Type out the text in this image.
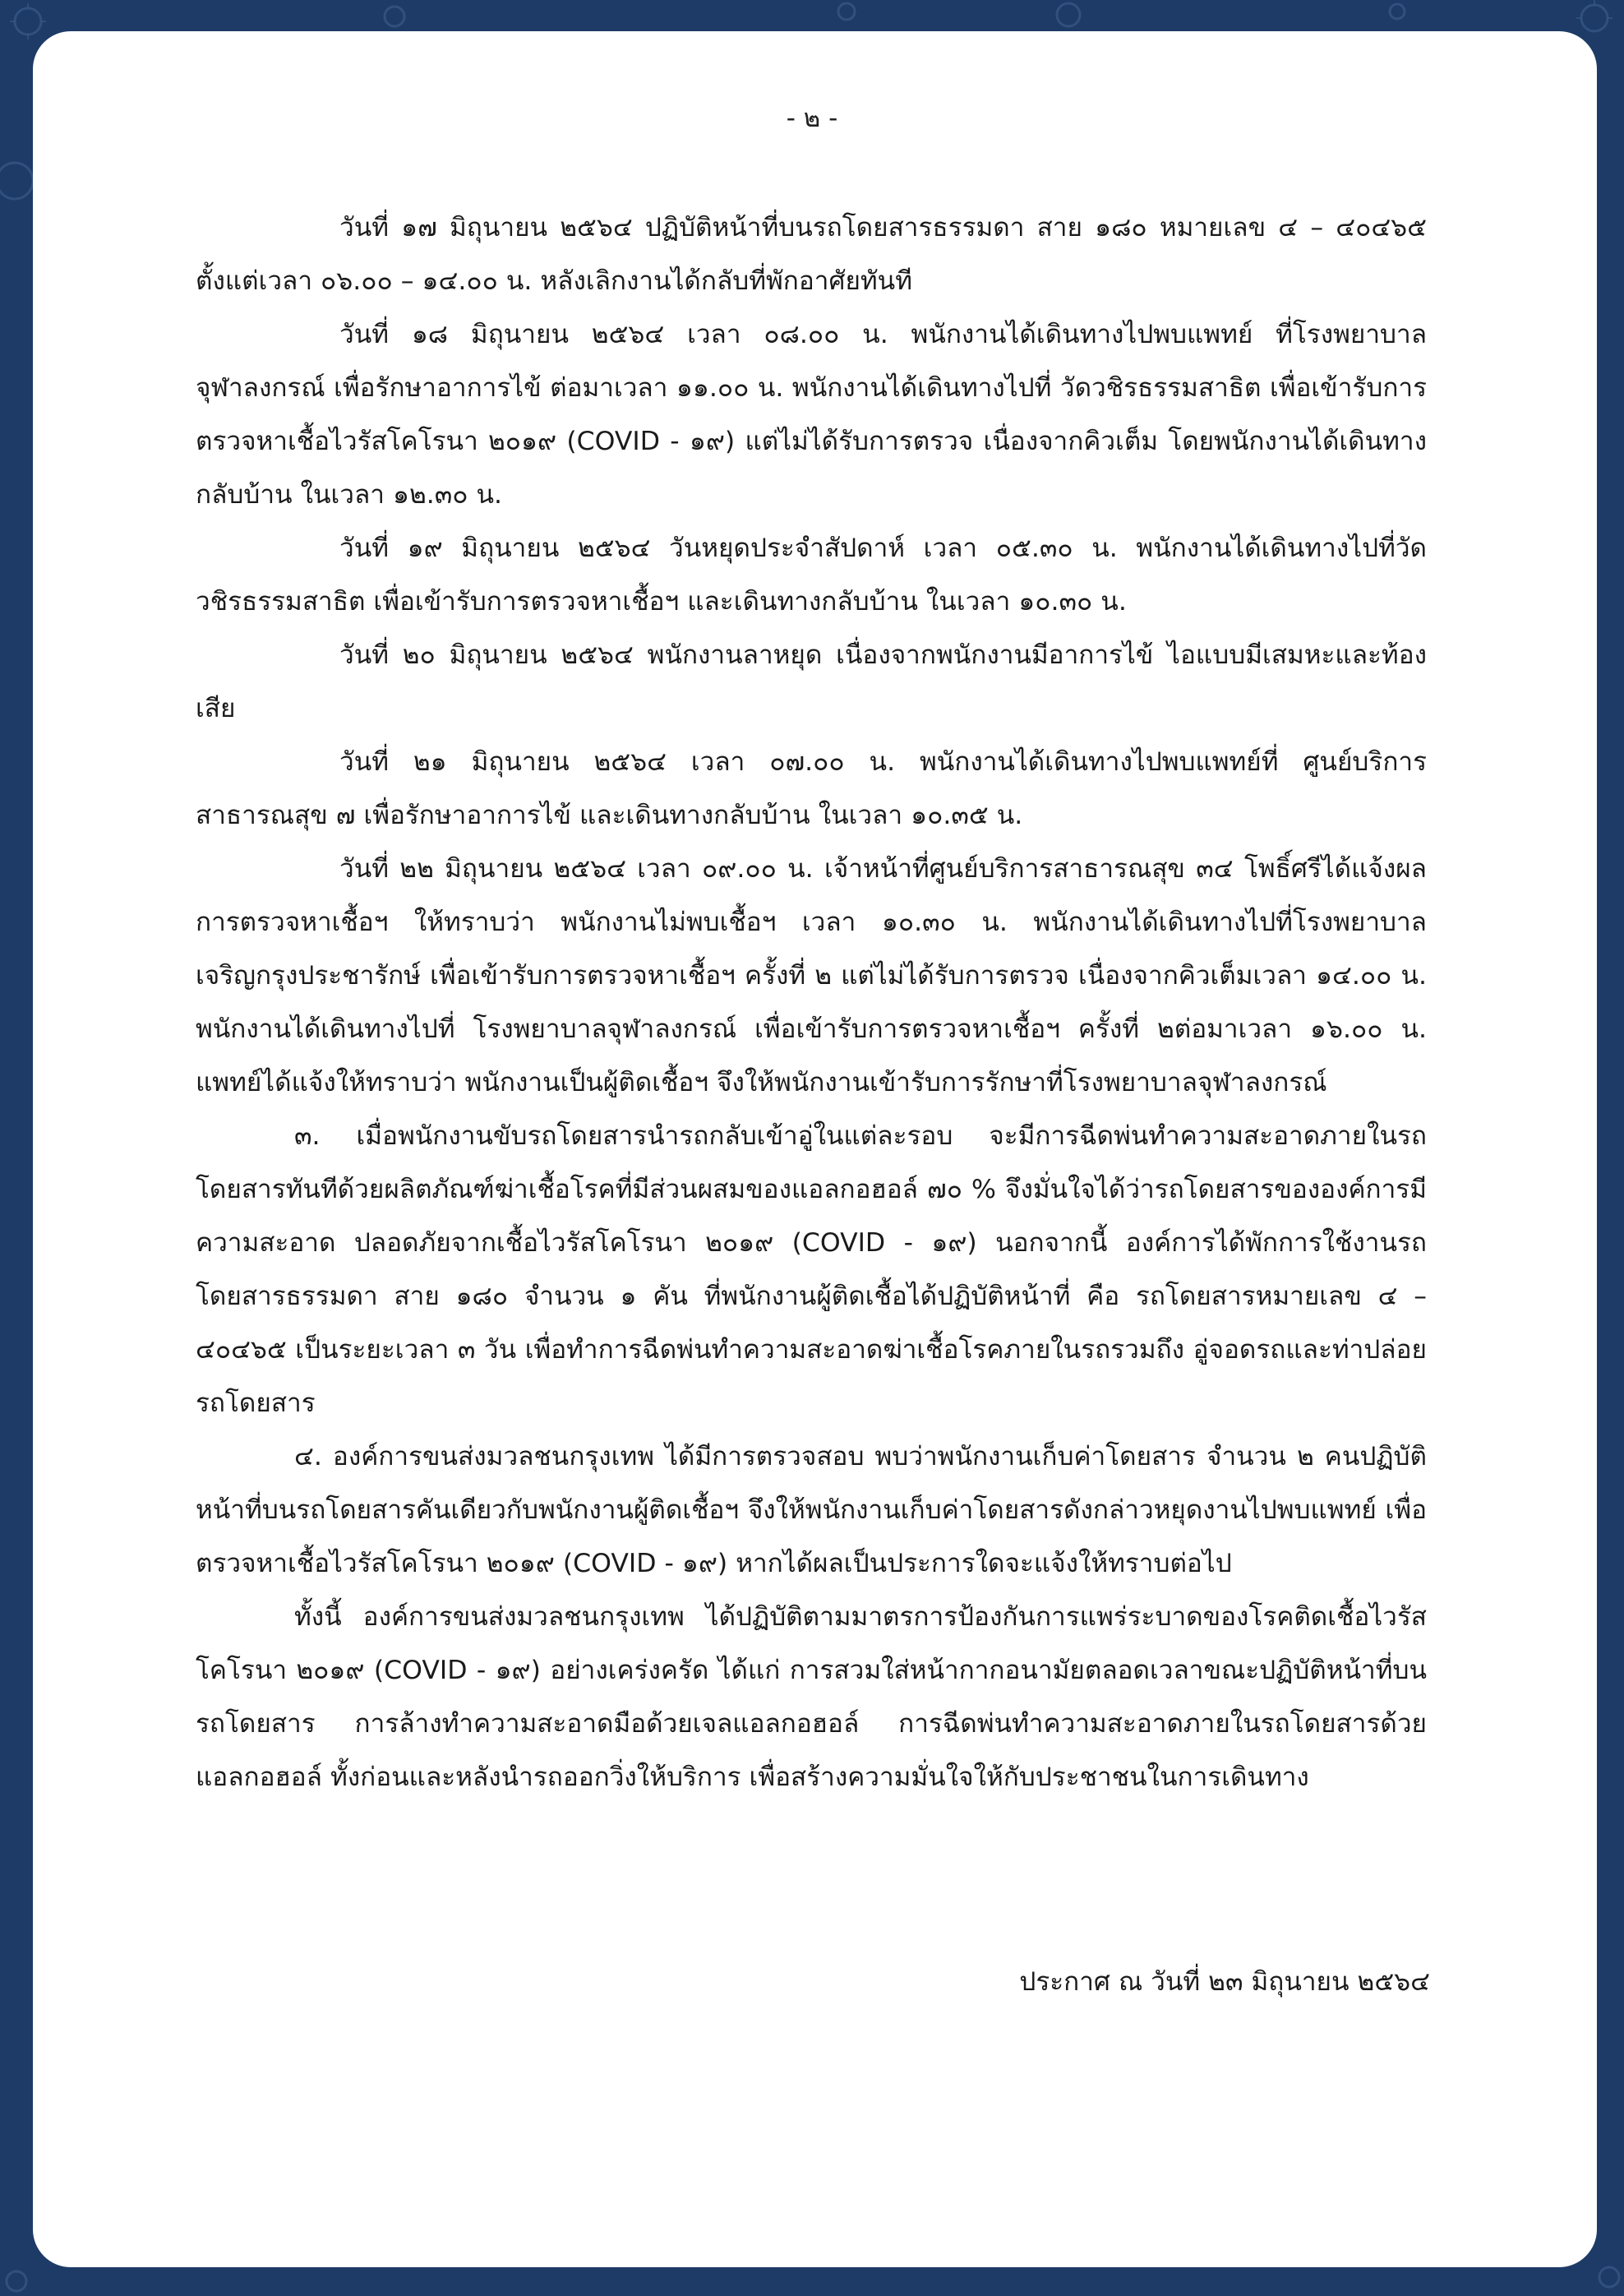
- ๒ -

วันที่ ๑๗ มิถุนายน ๒๕๖๔ ปฏิบัติหน้าที่บนรถโดยสารธรรมดา สาย ๑๘๐ หมายเลข ๔ – ๔๐๔๖๕ ตั้งแต่เวลา ๐๖.๐๐ – ๑๔.๐๐ น. หลังเลิกงานได้กลับที่พักอาศัยทันที

วันที่ ๑๘ มิถุนายน ๒๕๖๔ เวลา ๐๘.๐๐ น. พนักงานได้เดินทางไปพบแพทย์ ที่โรงพยาบาลจุฬาลงกรณ์ เพื่อรักษาอาการไข้ ต่อมาเวลา ๑๑.๐๐ น. พนักงานได้เดินทางไปที่ วัดวชิรธรรมสาธิต เพื่อเข้ารับการตรวจหาเชื้อไวรัสโคโรนา ๒๐๑๙ (COVID - ๑๙) แต่ไม่ได้รับการตรวจ เนื่องจากคิวเต็ม โดยพนักงานได้เดินทางกลับบ้าน ในเวลา ๑๒.๓๐ น.

วันที่ ๑๙ มิถุนายน ๒๕๖๔ วันหยุดประจำสัปดาห์ เวลา ๐๕.๓๐ น. พนักงานได้เดินทางไปที่วัดวชิรธรรมสาธิต เพื่อเข้ารับการตรวจหาเชื้อฯ และเดินทางกลับบ้าน ในเวลา ๑๐.๓๐ น.

วันที่ ๒๐ มิถุนายน ๒๕๖๔ พนักงานลาหยุด เนื่องจากพนักงานมีอาการไข้ ไอแบบมีเสมหะและท้องเสีย

วันที่ ๒๑ มิถุนายน ๒๕๖๔ เวลา ๐๗.๐๐ น. พนักงานได้เดินทางไปพบแพทย์ที่ ศูนย์บริการสาธารณสุข ๗ เพื่อรักษาอาการไข้ และเดินทางกลับบ้าน ในเวลา ๑๐.๓๕ น.

วันที่ ๒๒ มิถุนายน ๒๕๖๔ เวลา ๐๙.๐๐ น. เจ้าหน้าที่ศูนย์บริการสาธารณสุข ๓๔ โพธิ์ศรีได้แจ้งผลการตรวจหาเชื้อฯ ให้ทราบว่า พนักงานไม่พบเชื้อฯ เวลา ๑๐.๓๐ น. พนักงานได้เดินทางไปที่โรงพยาบาลเจริญกรุงประชารักษ์ เพื่อเข้ารับการตรวจหาเชื้อฯ ครั้งที่ ๒ แต่ไม่ได้รับการตรวจ เนื่องจากคิวเต็มเวลา ๑๔.๐๐ น. พนักงานได้เดินทางไปที่ โรงพยาบาลจุฬาลงกรณ์ เพื่อเข้ารับการตรวจหาเชื้อฯ ครั้งที่ ๒ต่อมาเวลา ๑๖.๐๐ น. แพทย์ได้แจ้งให้ทราบว่า พนักงานเป็นผู้ติดเชื้อฯ จึงให้พนักงานเข้ารับการรักษาที่โรงพยาบาลจุฬาลงกรณ์

๓. เมื่อพนักงานขับรถโดยสารนำรถกลับเข้าอู่ในแต่ละรอบ จะมีการฉีดพ่นทำความสะอาดภายในรถโดยสารทันทีด้วยผลิตภัณฑ์ฆ่าเชื้อโรคที่มีส่วนผสมของแอลกอฮอล์ ๗๐ % จึงมั่นใจได้ว่ารถโดยสารขององค์การมีความสะอาด ปลอดภัยจากเชื้อไวรัสโคโรนา ๒๐๑๙ (COVID - ๑๙) นอกจากนี้ องค์การได้พักการใช้งานรถโดยสารธรรมดา สาย ๑๘๐ จำนวน ๑ คัน ที่พนักงานผู้ติดเชื้อได้ปฏิบัติหน้าที่ คือ รถโดยสารหมายเลข ๔ – ๔๐๔๖๕ เป็นระยะเวลา ๓ วัน เพื่อทำการฉีดพ่นทำความสะอาดฆ่าเชื้อโรคภายในรถรวมถึง อู่จอดรถและท่าปล่อยรถโดยสาร

๔. องค์การขนส่งมวลชนกรุงเทพ ได้มีการตรวจสอบ พบว่าพนักงานเก็บค่าโดยสาร จำนวน ๒ คนปฏิบัติหน้าที่บนรถโดยสารคันเดียวกับพนักงานผู้ติดเชื้อฯ จึงให้พนักงานเก็บค่าโดยสารดังกล่าวหยุดงานไปพบแพทย์ เพื่อตรวจหาเชื้อไวรัสโคโรนา ๒๐๑๙ (COVID - ๑๙) หากได้ผลเป็นประการใดจะแจ้งให้ทราบต่อไป

ทั้งนี้ องค์การขนส่งมวลชนกรุงเทพ ได้ปฏิบัติตามมาตรการป้องกันการแพร่ระบาดของโรคติดเชื้อไวรัสโคโรนา ๒๐๑๙ (COVID - ๑๙) อย่างเคร่งครัด ได้แก่ การสวมใส่หน้ากากอนามัยตลอดเวลาขณะปฏิบัติหน้าที่บนรถโดยสาร การล้างทำความสะอาดมือด้วยเจลแอลกอฮอล์ การฉีดพ่นทำความสะอาดภายในรถโดยสารด้วยแอลกอฮอล์ ทั้งก่อนและหลังนำรถออกวิ่งให้บริการ เพื่อสร้างความมั่นใจให้กับประชาชนในการเดินทาง

ประกาศ ณ วันที่ ๒๓ มิถุนายน ๒๕๖๔
